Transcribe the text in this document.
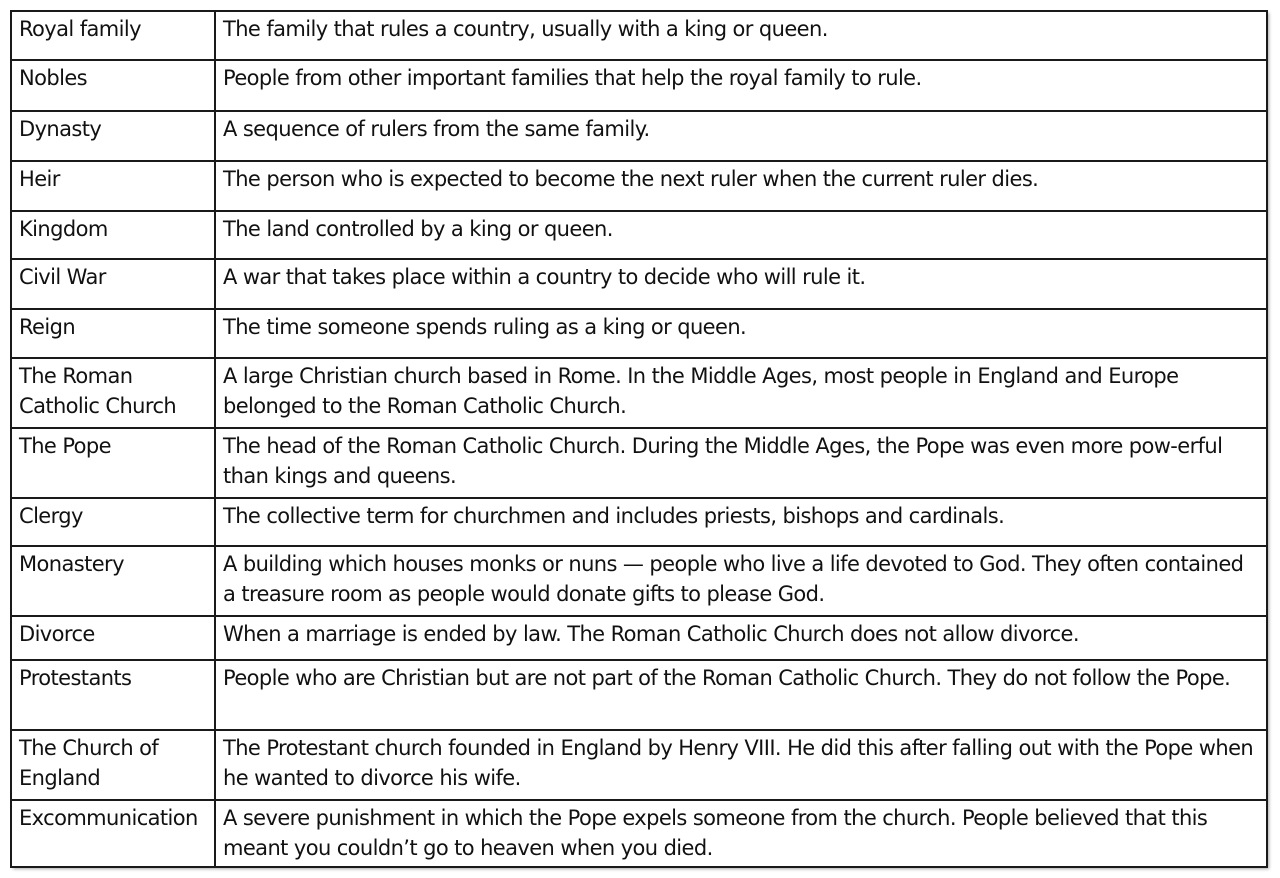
Royal family	The family that rules a country, usually with a king or queen.
Nobles	People from other important families that help the royal family to rule.
Dynasty	A sequence of rulers from the same family.
Heir	The person who is expected to become the next ruler when the current ruler dies.
Kingdom	The land controlled by a king or queen.
Civil War	A war that takes place within a country to decide who will rule it.
Reign	The time someone spends ruling as a king or queen.
The Roman Catholic Church	A large Christian church based in Rome. In the Middle Ages, most people in England and Europe belonged to the Roman Catholic Church.
The Pope	The head of the Roman Catholic Church. During the Middle Ages, the Pope was even more pow-erful than kings and queens.
Clergy	The collective term for churchmen and includes priests, bishops and cardinals.
Monastery	A building which houses monks or nuns — people who live a life devoted to God. They often contained a treasure room as people would donate gifts to please God.
Divorce	When a marriage is ended by law. The Roman Catholic Church does not allow divorce.
Protestants	People who are Christian but are not part of the Roman Catholic Church. They do not follow the Pope.
The Church of England	The Protestant church founded in England by Henry VIII. He did this after falling out with the Pope when he wanted to divorce his wife.
Excommunication	A severe punishment in which the Pope expels someone from the church. People believed that this meant you couldn’t go to heaven when you died.
